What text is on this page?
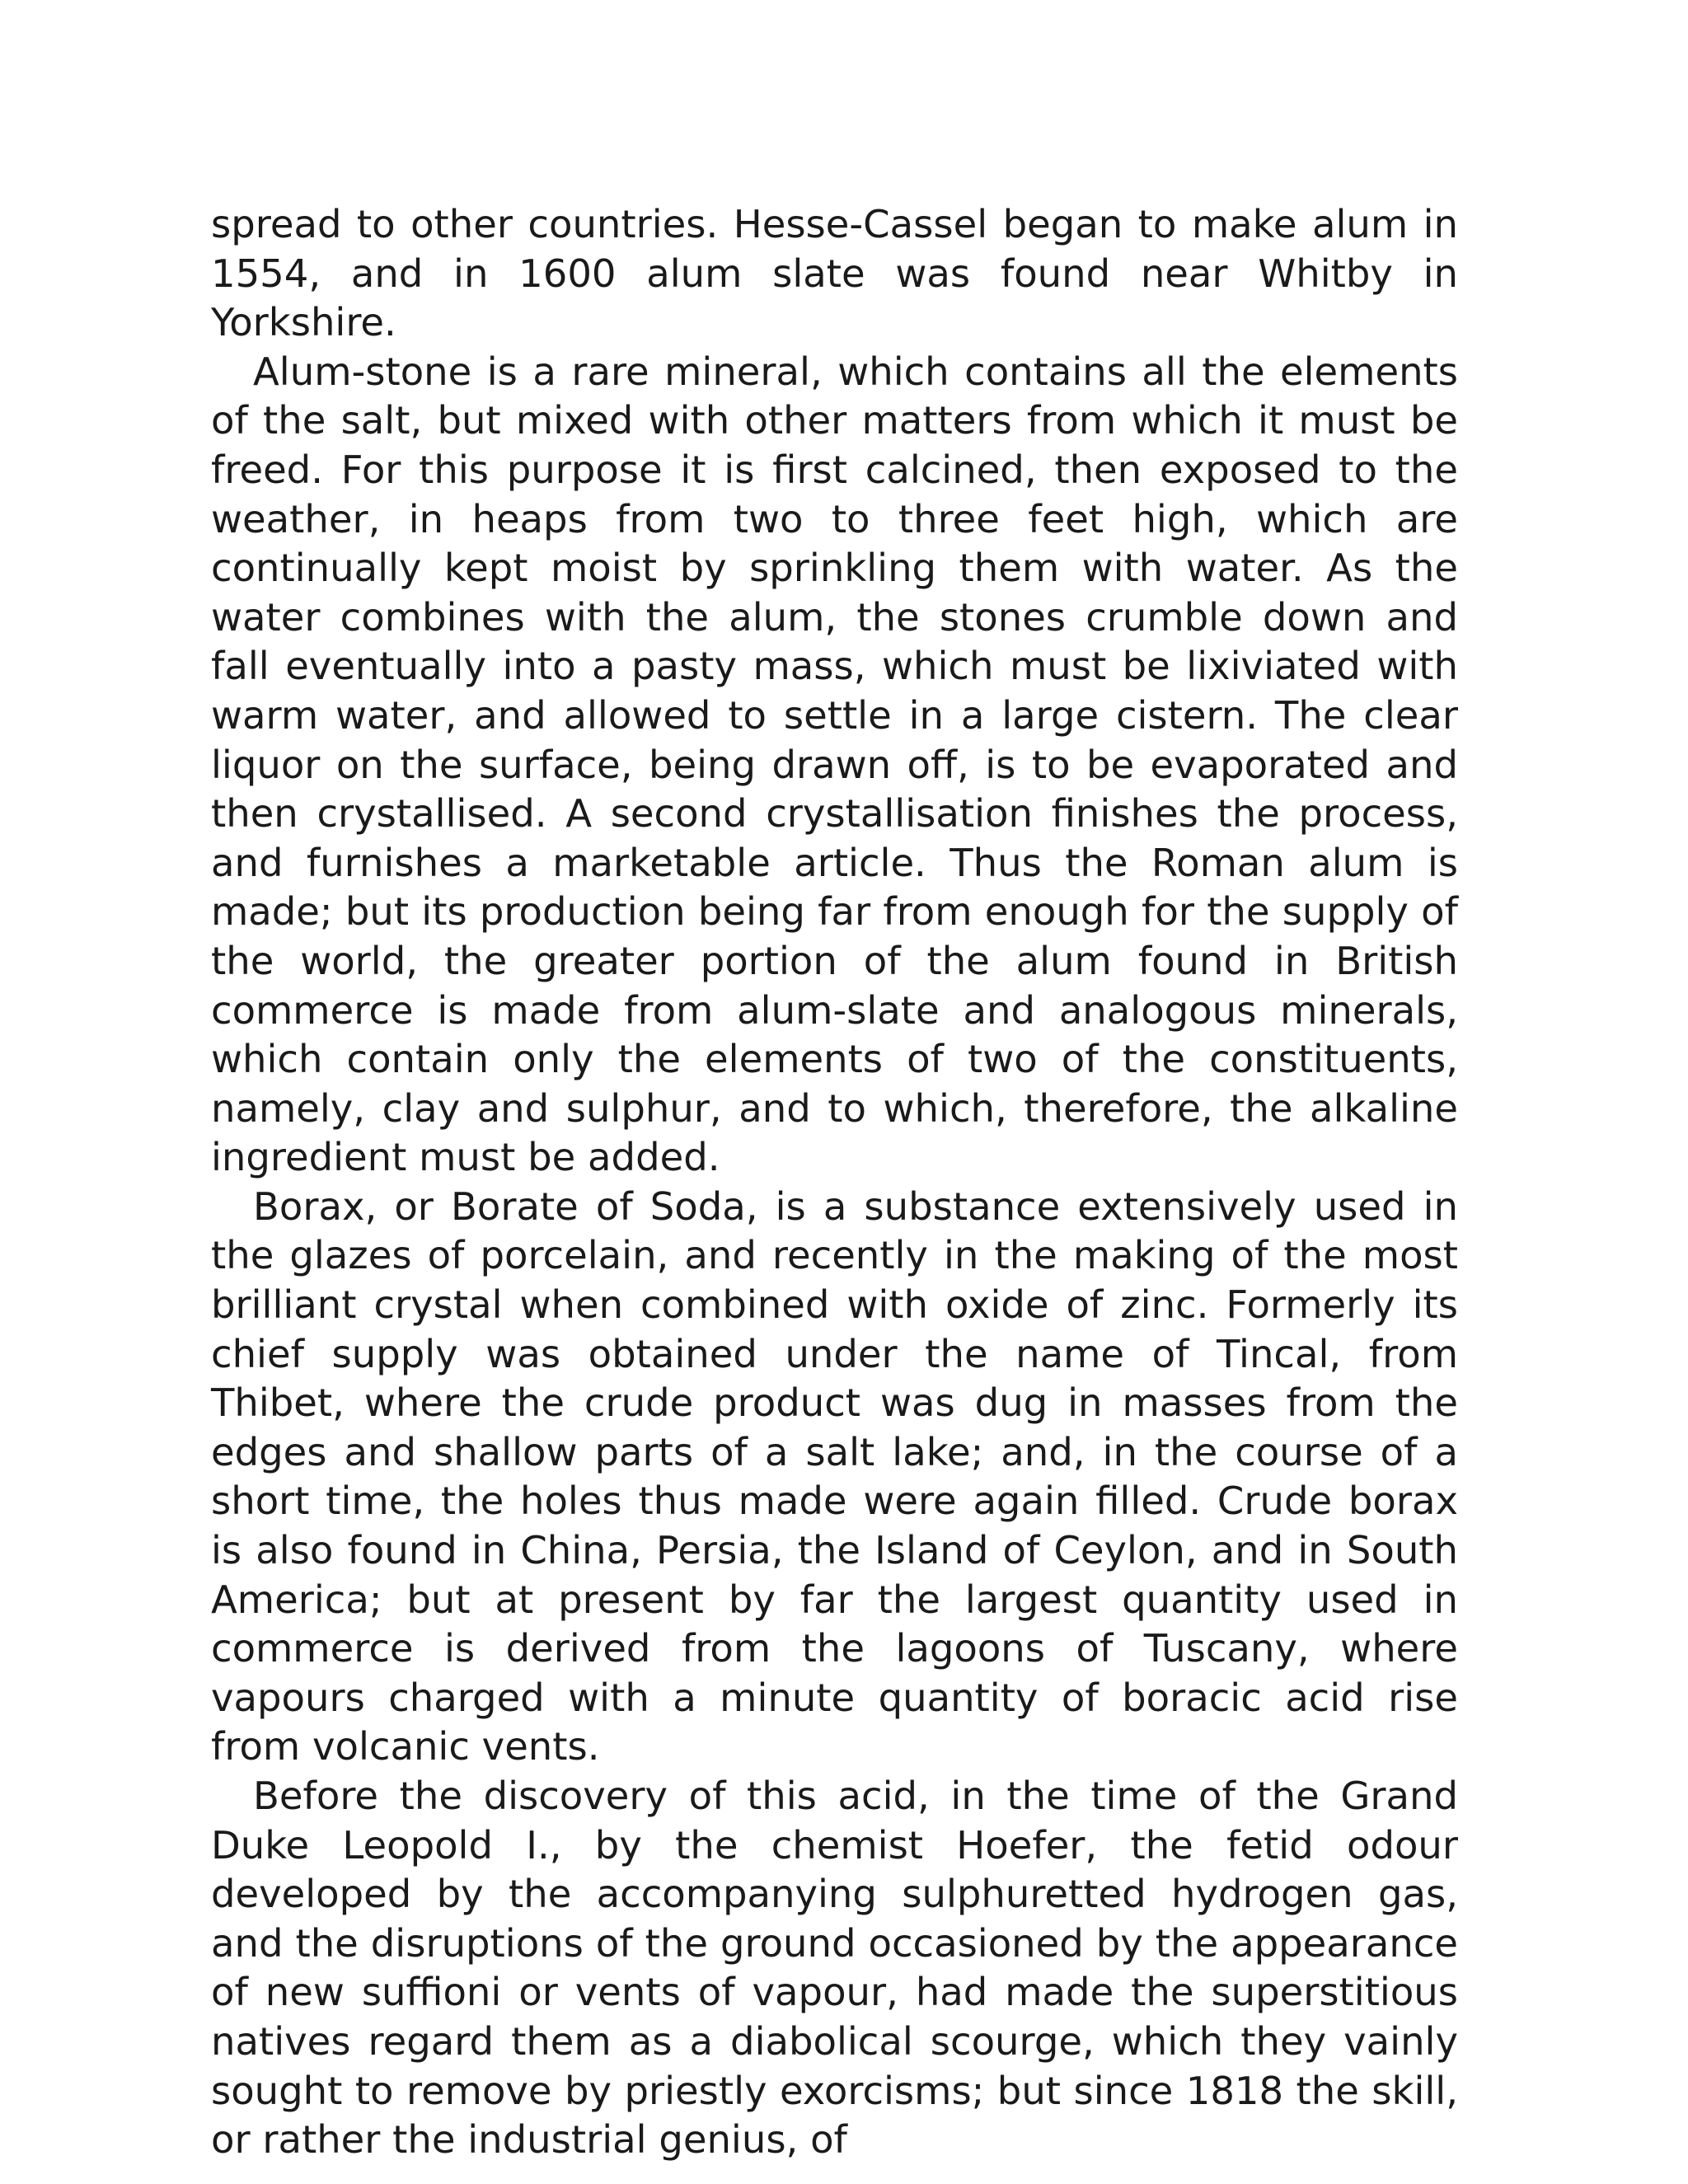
spread to other countries. Hesse-Cassel began to make alum in 1554, and in 1600 alum slate was found near Whitby in Yorkshire.

Alum-stone is a rare mineral, which contains all the elements of the salt, but mixed with other matters from which it must be freed. For this purpose it is first calcined, then exposed to the weather, in heaps from two to three feet high, which are continually kept moist by sprinkling them with water. As the water combines with the alum, the stones crumble down and fall eventually into a pasty mass, which must be lixiviated with warm water, and allowed to settle in a large cistern. The clear liquor on the surface, being drawn off, is to be evaporated and then crystallised. A second crystallisation finishes the process, and furnishes a marketable article. Thus the Roman alum is made; but its production being far from enough for the supply of the world, the greater portion of the alum found in British commerce is made from alum-slate and analogous minerals, which contain only the elements of two of the constituents, namely, clay and sulphur, and to which, therefore, the alkaline ingredient must be added.

Borax, or Borate of Soda, is a substance extensively used in the glazes of porcelain, and recently in the making of the most brilliant crystal when combined with oxide of zinc. Formerly its chief supply was obtained under the name of Tincal, from Thibet, where the crude product was dug in masses from the edges and shallow parts of a salt lake; and, in the course of a short time, the holes thus made were again filled. Crude borax is also found in China, Persia, the Island of Ceylon, and in South America; but at present by far the largest quantity used in commerce is derived from the lagoons of Tuscany, where vapours charged with a minute quantity of boracic acid rise from volcanic vents.

Before the discovery of this acid, in the time of the Grand Duke Leopold I., by the chemist Hoefer, the fetid odour developed by the accompanying sulphuretted hydrogen gas, and the disruptions of the ground occasioned by the appearance of new suffioni or vents of vapour, had made the superstitious natives regard them as a diabolical scourge, which they vainly sought to remove by priestly exorcisms; but since 1818 the skill, or rather the industrial genius, of
